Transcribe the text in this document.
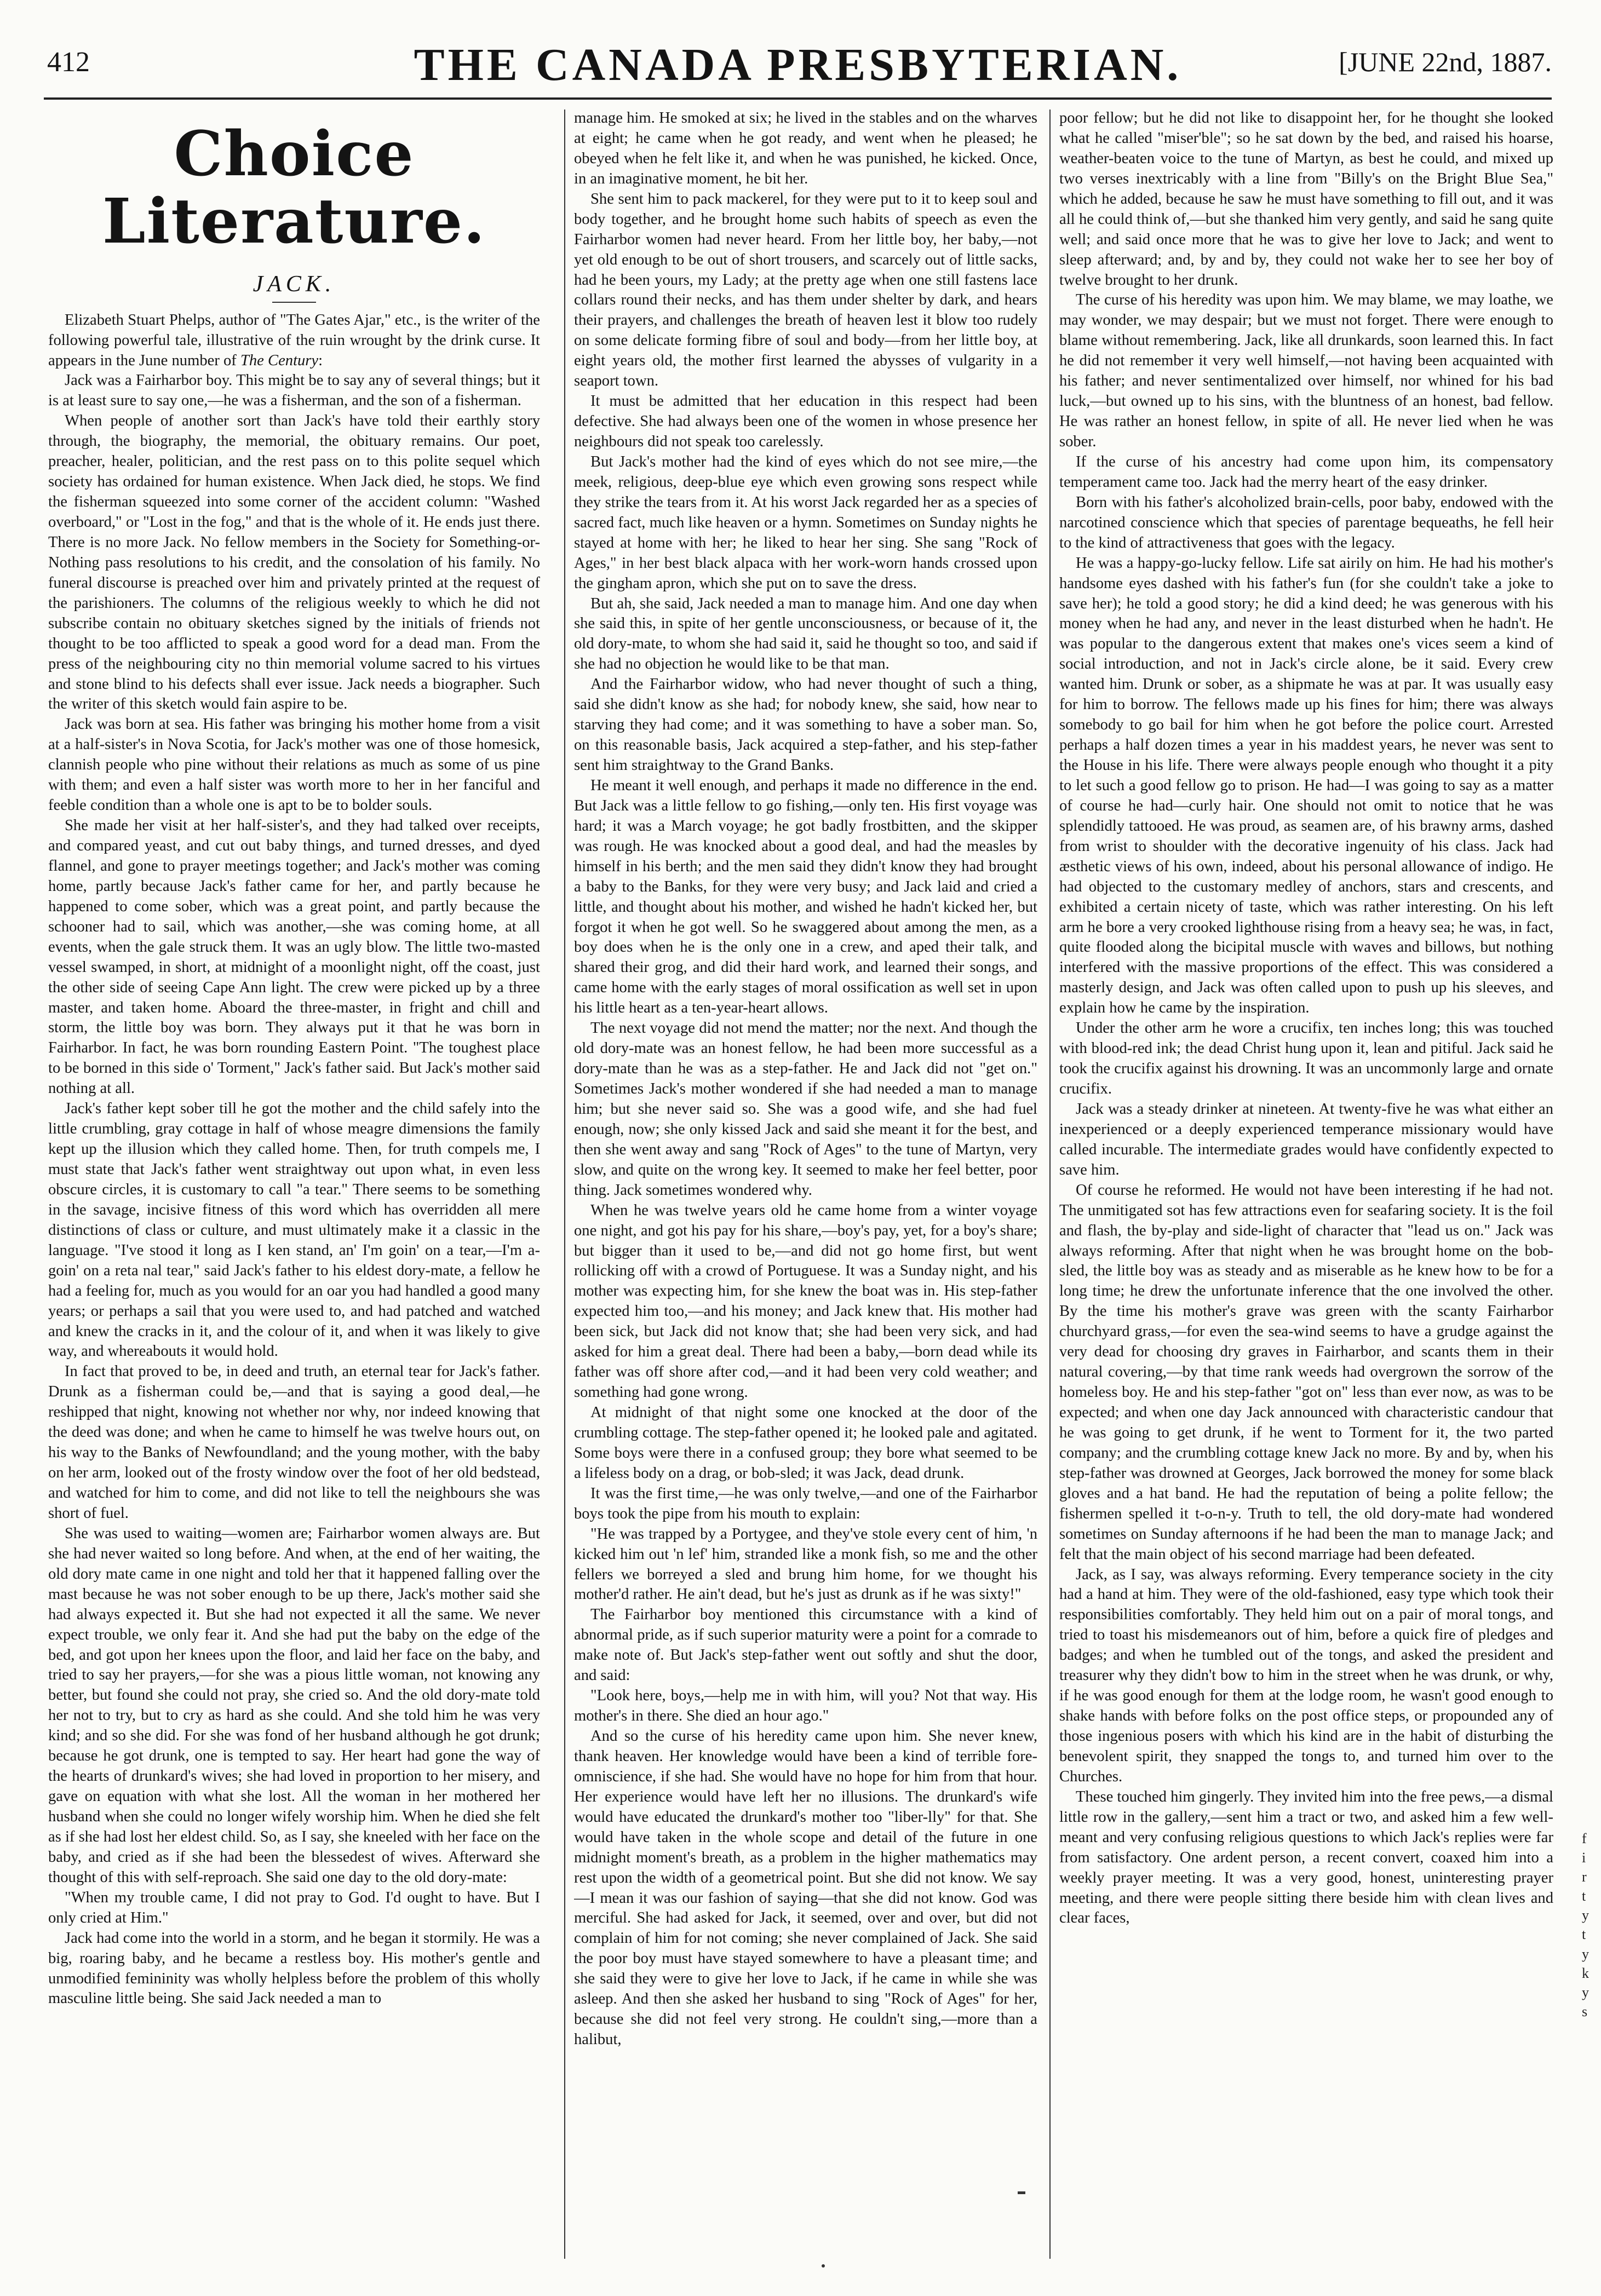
412	THE CANADA PRESBYTERIAN.	[JUNE 22nd, 1887.
Choice Literature.
JACK.

Elizabeth Stuart Phelps, author of "The Gates Ajar," etc., is the writer of the following powerful tale, illustrative of the ruin wrought by the drink curse. It appears in the June number of The Century:

Jack was a Fairharbor boy. This might be to say any of several things; but it is at least sure to say one,—he was a fisherman, and the son of a fisherman.

When people of another sort than Jack's have told their earthly story through, the biography, the memorial, the obituary remains. Our poet, preacher, healer, politician, and the rest pass on to this polite sequel which society has ordained for human existence. When Jack died, he stops. We find the fisherman squeezed into some corner of the accident column: "Washed overboard," or "Lost in the fog," and that is the whole of it. He ends just there. There is no more Jack. No fellow members in the Society for Something-or-Nothing pass resolutions to his credit, and the consolation of his family. No funeral discourse is preached over him and privately printed at the request of the parishioners. The columns of the religious weekly to which he did not subscribe contain no obituary sketches signed by the initials of friends not thought to be too afflicted to speak a good word for a dead man. From the press of the neighbouring city no thin memorial volume sacred to his virtues and stone blind to his defects shall ever issue. Jack needs a biographer. Such the writer of this sketch would fain aspire to be.

Jack was born at sea. His father was bringing his mother home from a visit at a half-sister's in Nova Scotia, for Jack's mother was one of those homesick, clannish people who pine without their relations as much as some of us pine with them; and even a half sister was worth more to her in her fanciful and feeble condition than a whole one is apt to be to bolder souls.

She made her visit at her half-sister's, and they had talked over receipts, and compared yeast, and cut out baby things, and turned dresses, and dyed flannel, and gone to prayer meetings together; and Jack's mother was coming home, partly because Jack's father came for her, and partly because he happened to come sober, which was a great point, and partly because the schooner had to sail, which was another,—she was coming home, at all events, when the gale struck them. It was an ugly blow. The little two-masted vessel swamped, in short, at midnight of a moonlight night, off the coast, just the other side of seeing Cape Ann light. The crew were picked up by a three master, and taken home. Aboard the three-master, in fright and chill and storm, the little boy was born. They always put it that he was born in Fairharbor. In fact, he was born rounding Eastern Point. "The toughest place to be borned in this side o' Torment," Jack's father said. But Jack's mother said nothing at all.

Jack's father kept sober till he got the mother and the child safely into the little crumbling, gray cottage in half of whose meagre dimensions the family kept up the illusion which they called home. Then, for truth compels me, I must state that Jack's father went straightway out upon what, in even less obscure circles, it is customary to call "a tear." There seems to be something in the savage, incisive fitness of this word which has overridden all mere distinctions of class or culture, and must ultimately make it a classic in the language. "I've stood it long as I ken stand, an' I'm goin' on a tear,—I'm a-goin' on a reta nal tear," said Jack's father to his eldest dory-mate, a fellow he had a feeling for, much as you would for an oar you had handled a good many years; or perhaps a sail that you were used to, and had patched and watched and knew the cracks in it, and the colour of it, and when it was likely to give way, and whereabouts it would hold.

In fact that proved to be, in deed and truth, an eternal tear for Jack's father. Drunk as a fisherman could be,—and that is saying a good deal,—he reshipped that night, knowing not whether nor why, nor indeed knowing that the deed was done; and when he came to himself he was twelve hours out, on his way to the Banks of Newfoundland; and the young mother, with the baby on her arm, looked out of the frosty window over the foot of her old bedstead, and watched for him to come, and did not like to tell the neighbours she was short of fuel.

She was used to waiting—women are; Fairharbor women always are. But she had never waited so long before. And when, at the end of her waiting, the old dory mate came in one night and told her that it happened falling over the mast because he was not sober enough to be up there, Jack's mother said she had always expected it. But she had not expected it all the same. We never expect trouble, we only fear it. And she had put the baby on the edge of the bed, and got upon her knees upon the floor, and laid her face on the baby, and tried to say her prayers,—for she was a pious little woman, not knowing any better, but found she could not pray, she cried so. And the old dory-mate told her not to try, but to cry as hard as she could. And she told him he was very kind; and so she did. For she was fond of her husband although he got drunk; because he got drunk, one is tempted to say. Her heart had gone the way of the hearts of drunkard's wives; she had loved in proportion to her misery, and gave on equation with what she lost. All the woman in her mothered her husband when she could no longer wifely worship him. When he died she felt as if she had lost her eldest child. So, as I say, she kneeled with her face on the baby, and cried as if she had been the blessedest of wives. Afterward she thought of this with self-reproach. She said one day to the old dory-mate:

"When my trouble came, I did not pray to God. I'd ought to have. But I only cried at Him."

Jack had come into the world in a storm, and he began it stormily. He was a big, roaring baby, and he became a restless boy. His mother's gentle and unmodified femininity was wholly helpless before the problem of this wholly masculine little being. She said Jack needed a man to

manage him. He smoked at six; he lived in the stables and on the wharves at eight; he came when he got ready, and went when he pleased; he obeyed when he felt like it, and when he was punished, he kicked. Once, in an imaginative moment, he bit her.

She sent him to pack mackerel, for they were put to it to keep soul and body together, and he brought home such habits of speech as even the Fairharbor women had never heard. From her little boy, her baby,—not yet old enough to be out of short trousers, and scarcely out of little sacks, had he been yours, my Lady; at the pretty age when one still fastens lace collars round their necks, and has them under shelter by dark, and hears their prayers, and challenges the breath of heaven lest it blow too rudely on some delicate forming fibre of soul and body—from her little boy, at eight years old, the mother first learned the abysses of vulgarity in a seaport town.

It must be admitted that her education in this respect had been defective. She had always been one of the women in whose presence her neighbours did not speak too carelessly.

But Jack's mother had the kind of eyes which do not see mire,—the meek, religious, deep-blue eye which even growing sons respect while they strike the tears from it. At his worst Jack regarded her as a species of sacred fact, much like heaven or a hymn. Sometimes on Sunday nights he stayed at home with her; he liked to hear her sing. She sang "Rock of Ages," in her best black alpaca with her work-worn hands crossed upon the gingham apron, which she put on to save the dress.

But ah, she said, Jack needed a man to manage him. And one day when she said this, in spite of her gentle unconsciousness, or because of it, the old dory-mate, to whom she had said it, said he thought so too, and said if she had no objection he would like to be that man.

And the Fairharbor widow, who had never thought of such a thing, said she didn't know as she had; for nobody knew, she said, how near to starving they had come; and it was something to have a sober man. So, on this reasonable basis, Jack acquired a step-father, and his step-father sent him straightway to the Grand Banks.

He meant it well enough, and perhaps it made no difference in the end. But Jack was a little fellow to go fishing,—only ten. His first voyage was hard; it was a March voyage; he got badly frostbitten, and the skipper was rough. He was knocked about a good deal, and had the measles by himself in his berth; and the men said they didn't know they had brought a baby to the Banks, for they were very busy; and Jack laid and cried a little, and thought about his mother, and wished he hadn't kicked her, but forgot it when he got well. So he swaggered about among the men, as a boy does when he is the only one in a crew, and aped their talk, and shared their grog, and did their hard work, and learned their songs, and came home with the early stages of moral ossification as well set in upon his little heart as a ten-year-heart allows.

The next voyage did not mend the matter; nor the next. And though the old dory-mate was an honest fellow, he had been more successful as a dory-mate than he was as a step-father. He and Jack did not "get on." Sometimes Jack's mother wondered if she had needed a man to manage him; but she never said so. She was a good wife, and she had fuel enough, now; she only kissed Jack and said she meant it for the best, and then she went away and sang "Rock of Ages" to the tune of Martyn, very slow, and quite on the wrong key. It seemed to make her feel better, poor thing. Jack sometimes wondered why.

When he was twelve years old he came home from a winter voyage one night, and got his pay for his share,—boy's pay, yet, for a boy's share; but bigger than it used to be,—and did not go home first, but went rollicking off with a crowd of Portuguese. It was a Sunday night, and his mother was expecting him, for she knew the boat was in. His step-father expected him too,—and his money; and Jack knew that. His mother had been sick, but Jack did not know that; she had been very sick, and had asked for him a great deal. There had been a baby,—born dead while its father was off shore after cod,—and it had been very cold weather; and something had gone wrong.

At midnight of that night some one knocked at the door of the crumbling cottage. The step-father opened it; he looked pale and agitated. Some boys were there in a confused group; they bore what seemed to be a lifeless body on a drag, or bob-sled; it was Jack, dead drunk.

It was the first time,—he was only twelve,—and one of the Fairharbor boys took the pipe from his mouth to explain:

"He was trapped by a Portygee, and they've stole every cent of him, 'n kicked him out 'n lef' him, stranded like a monk fish, so me and the other fellers we borreyed a sled and brung him home, for we thought his mother'd rather. He ain't dead, but he's just as drunk as if he was sixty!"

The Fairharbor boy mentioned this circumstance with a kind of abnormal pride, as if such superior maturity were a point for a comrade to make note of. But Jack's step-father went out softly and shut the door, and said:

"Look here, boys,—help me in with him, will you? Not that way. His mother's in there. She died an hour ago."

And so the curse of his heredity came upon him. She never knew, thank heaven. Her knowledge would have been a kind of terrible fore-omniscience, if she had. She would have no hope for him from that hour. Her experience would have left her no illusions. The drunkard's wife would have educated the drunkard's mother too "liber-lly" for that. She would have taken in the whole scope and detail of the future in one midnight moment's breath, as a problem in the higher mathematics may rest upon the width of a geometrical point. But she did not know. We say—I mean it was our fashion of saying—that she did not know. God was merciful. She had asked for Jack, it seemed, over and over, but did not complain of him for not coming; she never complained of Jack. She said the poor boy must have stayed somewhere to have a pleasant time; and she said they were to give her love to Jack, if he came in while she was asleep. And then she asked her husband to sing "Rock of Ages" for her, because she did not feel very strong. He couldn't sing,—more than a halibut,

poor fellow; but he did not like to disappoint her, for he thought she looked what he called "miser'ble"; so he sat down by the bed, and raised his hoarse, weather-beaten voice to the tune of Martyn, as best he could, and mixed up two verses inextricably with a line from "Billy's on the Bright Blue Sea," which he added, because he saw he must have something to fill out, and it was all he could think of,—but she thanked him very gently, and said he sang quite well; and said once more that he was to give her love to Jack; and went to sleep afterward; and, by and by, they could not wake her to see her boy of twelve brought to her drunk.

The curse of his heredity was upon him. We may blame, we may loathe, we may wonder, we may despair; but we must not forget. There were enough to blame without remembering. Jack, like all drunkards, soon learned this. In fact he did not remember it very well himself,—not having been acquainted with his father; and never sentimentalized over himself, nor whined for his bad luck,—but owned up to his sins, with the bluntness of an honest, bad fellow. He was rather an honest fellow, in spite of all. He never lied when he was sober.

If the curse of his ancestry had come upon him, its compensatory temperament came too. Jack had the merry heart of the easy drinker.

Born with his father's alcoholized brain-cells, poor baby, endowed with the narcotined conscience which that species of parentage bequeaths, he fell heir to the kind of attractiveness that goes with the legacy.

He was a happy-go-lucky fellow. Life sat airily on him. He had his mother's handsome eyes dashed with his father's fun (for she couldn't take a joke to save her); he told a good story; he did a kind deed; he was generous with his money when he had any, and never in the least disturbed when he hadn't. He was popular to the dangerous extent that makes one's vices seem a kind of social introduction, and not in Jack's circle alone, be it said. Every crew wanted him. Drunk or sober, as a shipmate he was at par. It was usually easy for him to borrow. The fellows made up his fines for him; there was always somebody to go bail for him when he got before the police court. Arrested perhaps a half dozen times a year in his maddest years, he never was sent to the House in his life. There were always people enough who thought it a pity to let such a good fellow go to prison. He had—I was going to say as a matter of course he had—curly hair. One should not omit to notice that he was splendidly tattooed. He was proud, as seamen are, of his brawny arms, dashed from wrist to shoulder with the decorative ingenuity of his class. Jack had æsthetic views of his own, indeed, about his personal allowance of indigo. He had objected to the customary medley of anchors, stars and crescents, and exhibited a certain nicety of taste, which was rather interesting. On his left arm he bore a very crooked lighthouse rising from a heavy sea; he was, in fact, quite flooded along the bicipital muscle with waves and billows, but nothing interfered with the massive proportions of the effect. This was considered a masterly design, and Jack was often called upon to push up his sleeves, and explain how he came by the inspiration.

Under the other arm he wore a crucifix, ten inches long; this was touched with blood-red ink; the dead Christ hung upon it, lean and pitiful. Jack said he took the crucifix against his drowning. It was an uncommonly large and ornate crucifix.

Jack was a steady drinker at nineteen. At twenty-five he was what either an inexperienced or a deeply experienced temperance missionary would have called incurable. The intermediate grades would have confidently expected to save him.

Of course he reformed. He would not have been interesting if he had not. The unmitigated sot has few attractions even for seafaring society. It is the foil and flash, the by-play and side-light of character that "lead us on." Jack was always reforming. After that night when he was brought home on the bob-sled, the little boy was as steady and as miserable as he knew how to be for a long time; he drew the unfortunate inference that the one involved the other. By the time his mother's grave was green with the scanty Fairharbor churchyard grass,—for even the sea-wind seems to have a grudge against the very dead for choosing dry graves in Fairharbor, and scants them in their natural covering,—by that time rank weeds had overgrown the sorrow of the homeless boy. He and his step-father "got on" less than ever now, as was to be expected; and when one day Jack announced with characteristic candour that he was going to get drunk, if he went to Torment for it, the two parted company; and the crumbling cottage knew Jack no more. By and by, when his step-father was drowned at Georges, Jack borrowed the money for some black gloves and a hat band. He had the reputation of being a polite fellow; the fishermen spelled it t-o-n-y. Truth to tell, the old dory-mate had wondered sometimes on Sunday afternoons if he had been the man to manage Jack; and felt that the main object of his second marriage had been defeated.

Jack, as I say, was always reforming. Every temperance society in the city had a hand at him. They were of the old-fashioned, easy type which took their responsibilities comfortably. They held him out on a pair of moral tongs, and tried to toast his misdemeanors out of him, before a quick fire of pledges and badges; and when he tumbled out of the tongs, and asked the president and treasurer why they didn't bow to him in the street when he was drunk, or why, if he was good enough for them at the lodge room, he wasn't good enough to shake hands with before folks on the post office steps, or propounded any of those ingenious posers with which his kind are in the habit of disturbing the benevolent spirit, they snapped the tongs to, and turned him over to the Churches.

These touched him gingerly. They invited him into the free pews,—a dismal little row in the gallery,—sent him a tract or two, and asked him a few well-meant and very confusing religious questions to which Jack's replies were far from satisfactory. One ardent person, a recent convert, coaxed him into a weekly prayer meeting. It was a very good, honest, uninteresting prayer meeting, and there were people sitting there beside him with clean lives and clear faces,

f
i
r
t
y
t
y
k
y
s
